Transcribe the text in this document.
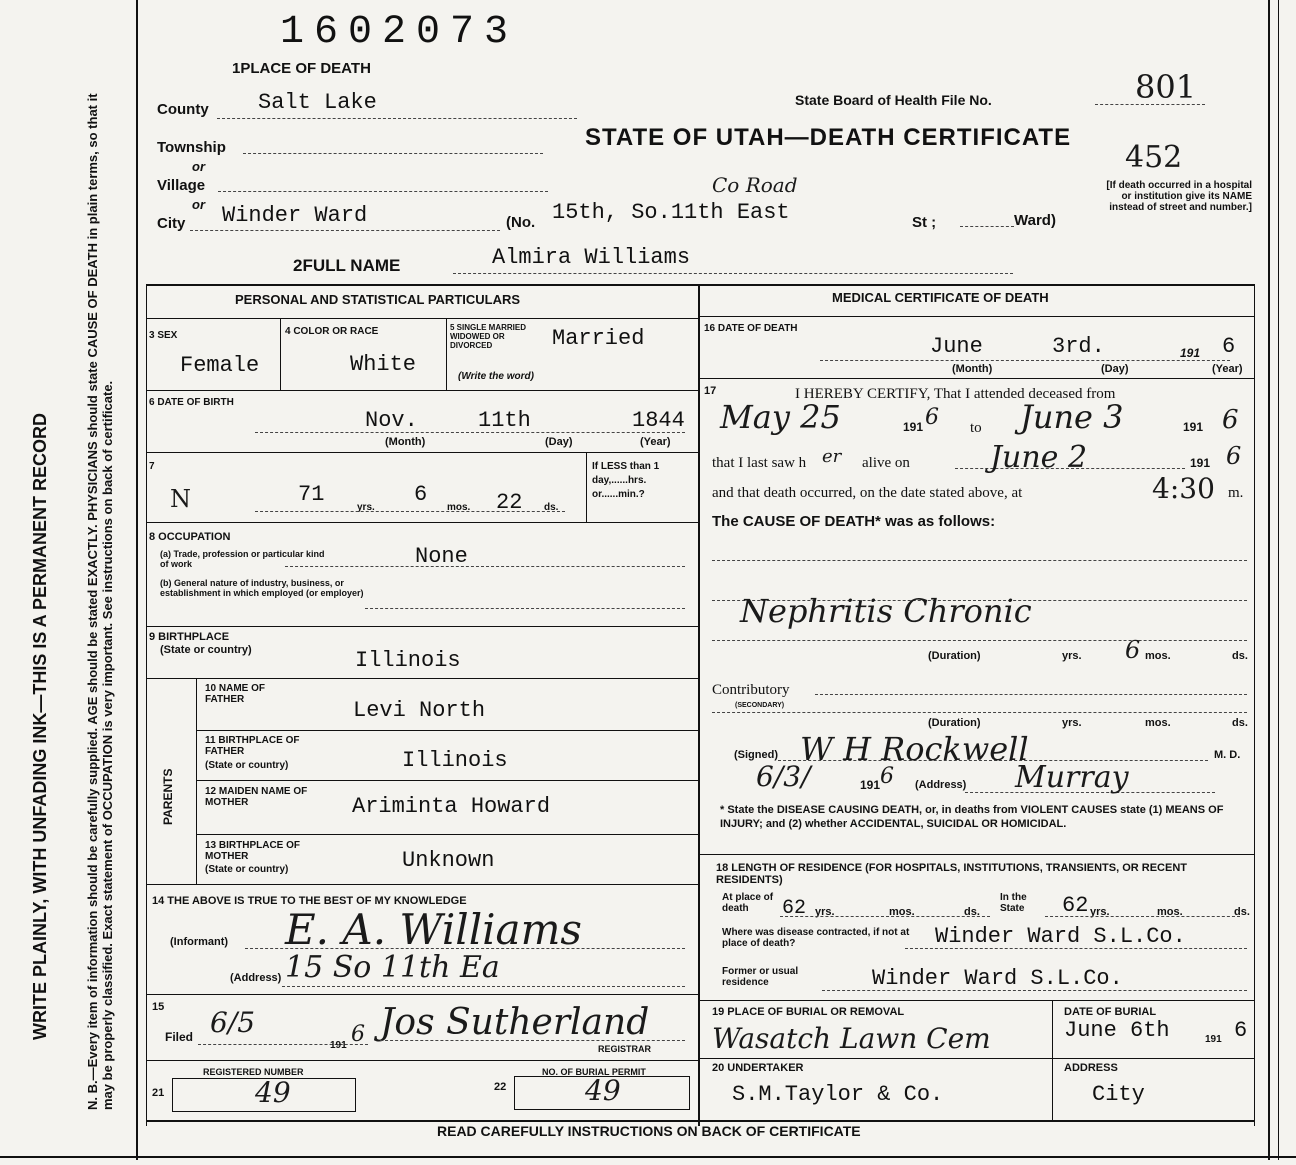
N. B.—Every item of information should be carefully supplied. AGE should be stated EXACTLY. PHYSICIANS should state CAUSE OF DEATH in plain terms, so that it may be properly classified. Exact statement of OCCUPATION is very important. See instructions on back of certificate.
WRITE PLAINLY, WITH UNFADING INK—THIS IS A PERMANENT RECORD
1602073
1PLACE OF DEATH
County Salt Lake
Township
or
Village
or
City Winder Ward	(No. 15th, So.11th East
Co Road
St ;	Ward)
State Board of Health File No.	801
STATE OF UTAH—DEATH CERTIFICATE
452
[If death occurred in a hospital or institution give its NAME instead of street and number.]
2FULL NAME	Almira Williams
PERSONAL AND STATISTICAL PARTICULARS
3 SEX
Female
4 COLOR OR RACE
White
5 SINGLE MARRIED WIDOWED OR DIVORCED
(Write the word)
Married
6 DATE OF BIRTH
Nov.	11th	1844
(Month)	(Day)	(Year)
7
N	71
yrs.
6
mos. 22 ds.
If LESS than 1 day,......hrs. or......min.?
8 OCCUPATION
(a) Trade, profession or particular kind of work	None
(b) General nature of industry, business, or establishment in which employed (or employer)
9 BIRTHPLACE
(State or country)	Illinois
PARENTS
10 NAME OF FATHER	Levi North
11 BIRTHPLACE OF FATHER
(State or country)	Illinois
12 MAIDEN NAME OF MOTHER	Ariminta Howard
13 BIRTHPLACE OF MOTHER
(State or country)	Unknown
14 THE ABOVE IS TRUE TO THE BEST OF MY KNOWLEDGE
(Informant) E. A. Williams
(Address) 15 So 11th Ea
15
Filed 6/5
191 6 Jos Sutherland
REGISTRAR
REGISTERED NUMBER
21	49
NO. OF BURIAL PERMIT
22	49
MEDICAL CERTIFICATE OF DEATH
16 DATE OF DEATH
June	3rd.	191 6
(Month)	(Day)	(Year)
17	I HEREBY CERTIFY, That I attended deceased from
May 25	191 6 to June 3	191 6
that I last saw h er alive on	June 2	191 6
and that death occurred, on the date stated above, at	4:30 m.
The CAUSE OF DEATH* was as follows:
Nephritis Chronic
(Duration)	yrs. 6 mos.	ds.
Contributory
(SECONDARY)
(Duration)	yrs.	mos.	ds.
(Signed) W H Rockwell	M. D.
6/3/	191 6 (Address) Murray
* State the DISEASE CAUSING DEATH, or, in deaths from VIOLENT CAUSES state (1) MEANS OF INJURY; and (2) whether ACCIDENTAL, SUICIDAL OR HOMICIDAL.
18 LENGTH OF RESIDENCE (FOR HOSPITALS, INSTITUTIONS, TRANSIENTS, OR RECENT RESIDENTS)
At place of death	62 yrs.	mos.	ds.
In the State	62 yrs.	mos.	ds.
Where was disease contracted, if not at place of death?	Winder Ward S.L.Co.
Former or usual residence	Winder Ward S.L.Co.
19 PLACE OF BURIAL OR REMOVAL
Wasatch Lawn Cem
DATE OF BURIAL
June 6th	191 6
20 UNDERTAKER
S.M.Taylor & Co.
ADDRESS
City
READ CAREFULLY INSTRUCTIONS ON BACK OF CERTIFICATE
